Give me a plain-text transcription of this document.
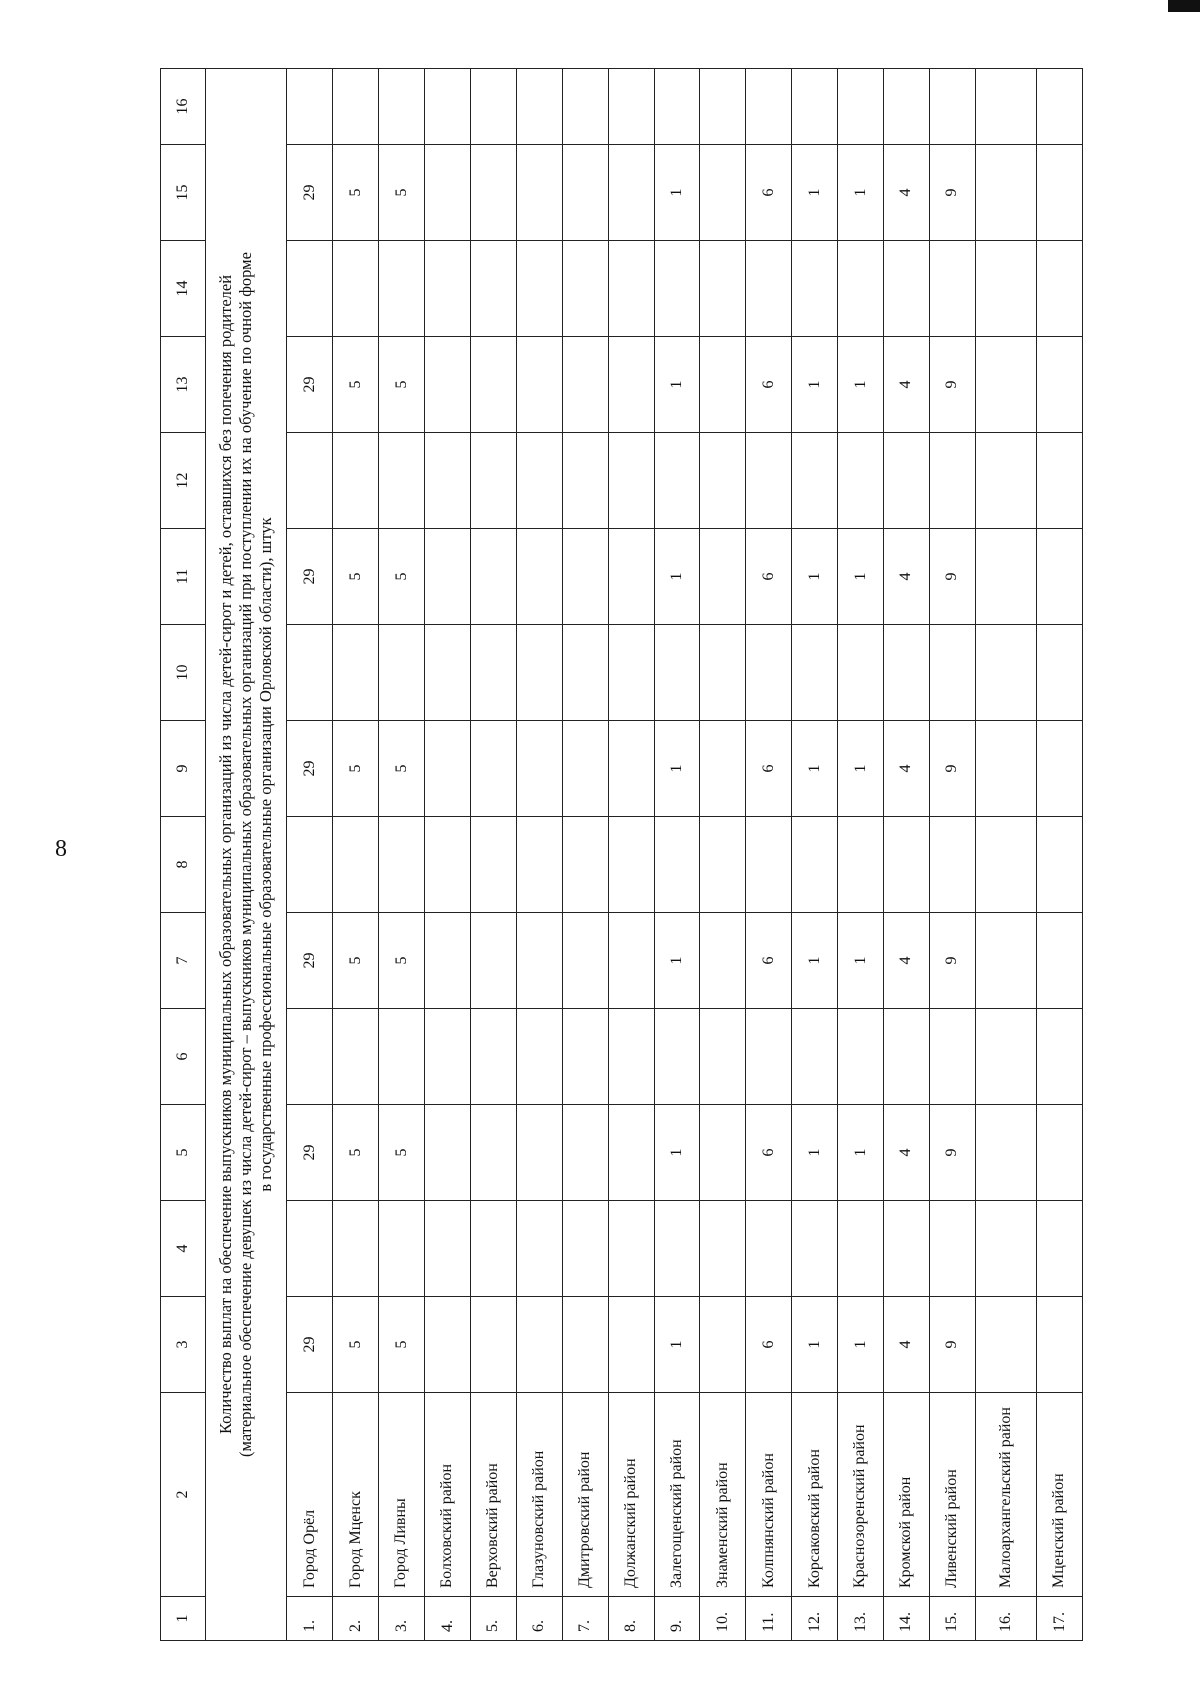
8
1	2	3	4	5	6	7	8	9	10	11	12	13	14	15	16

Количество выплат на обеспечение выпускников муниципальных образовательных организаций из числа детей-сирот и детей, оставшихся без попечения родителей (материальное обеспечение девушек из числа детей-сирот – выпускников муниципальных образовательных организаций при поступлении их на обучение по очной форме в государственные профессиональные образовательные организации Орловской области), штук															

1.	Город Орёл	29		29		29		29		29		29		29	
2.	Город Мценск	5		5		5		5		5		5		5	
3.	Город Ливны	5		5		5		5		5		5		5	
4.	Болховский район														
5.	Верховский район														
6.	Глазуновский район														
7.	Дмитровский район														
8.	Должанский район														
9.	Залегощенский район	1		1		1		1		1		1		1	
10.	Знаменский район														
11.	Колпнянский район	6		6		6		6		6		6		6	
12.	Корсаковский район	1		1		1		1		1		1		1	
13.	Краснозоренский район	1		1		1		1		1		1		1	
14.	Кромской район	4		4		4		4		4		4		4	
15.	Ливенский район	9		9		9		9		9		9		9	
16.	Малоархангельский район														
17.	Мценский район														
